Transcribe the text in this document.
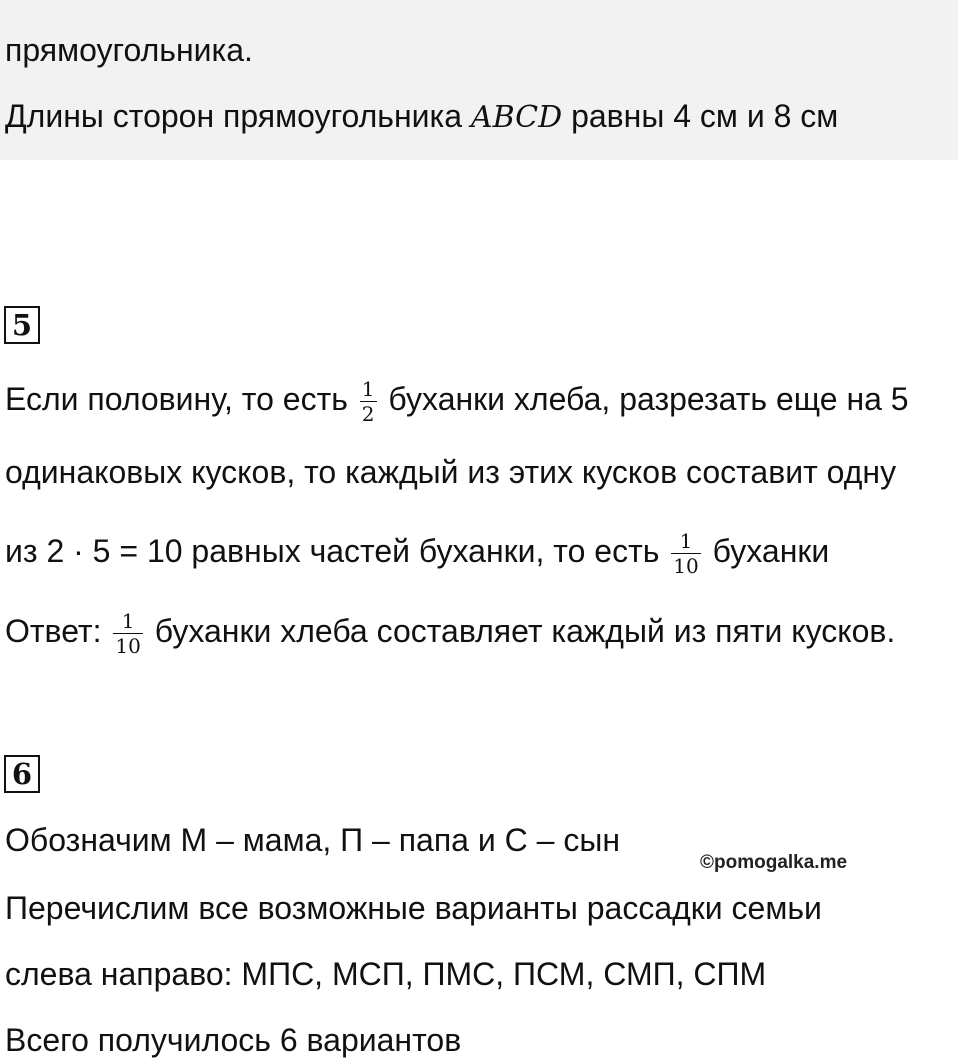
прямоугольника.
Длины сторон прямоугольника ABCD равны 4 см и 8 см
5
Если половину, то есть $\frac{1}{2}$ буханки хлеба, разрезать еще на 5
одинаковых кусков, то каждый из этих кусков составит одну
из 2 · 5 = 10 равных частей буханки, то есть $\frac{1}{10}$ буханки
Ответ: $\frac{1}{10}$ буханки хлеба составляет каждый из пяти кусков.
6
Обозначим М – мама, П – папа и С – сын
©pomogalka.me
Перечислим все возможные варианты рассадки семьи
слева направо: МПС, МСП, ПМС, ПСМ, СМП, СПМ
Всего получилось 6 вариантов
